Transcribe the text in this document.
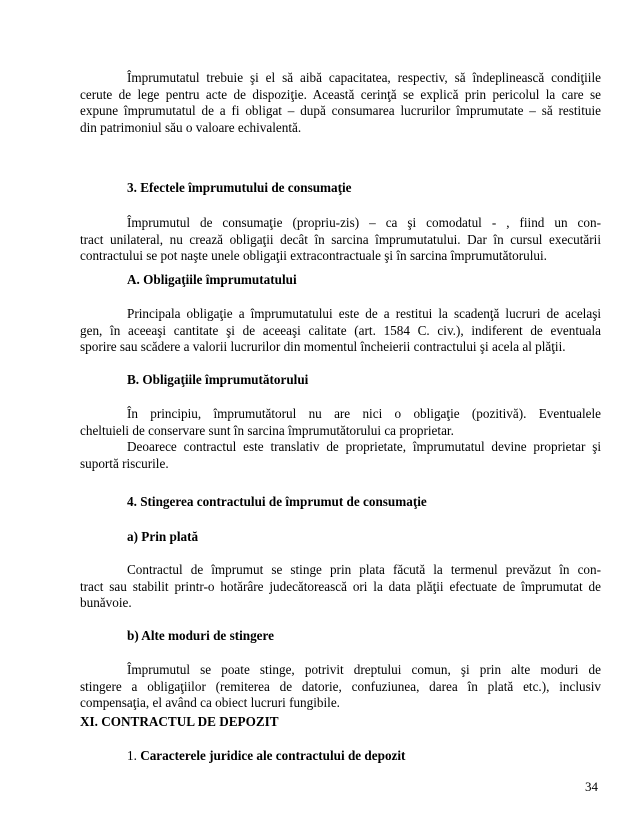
Împrumutatul trebuie şi el să aibă capacitatea, respectiv, să îndeplinească condiţiile
cerute de lege pentru acte de dispoziţie. Această cerinţă se explică prin pericolul la care se
expune împrumutatul de a fi obligat – după consumarea lucrurilor împrumutate – să restituie
din patrimoniul său o valoare echivalentă.
3. Efectele împrumutului de consumaţie
Împrumutul de consumaţie (propriu-zis) – ca şi comodatul - , fiind un con-
tract unilateral, nu crează obligaţii decât în sarcina împrumutatului. Dar în cursul executării
contractului se pot naşte unele obligaţii extracontractuale şi în sarcina împrumutătorului.
A. Obligaţiile împrumutatului
Principala obligaţie a împrumutatului este de a restitui la scadenţă lucruri de acelaşi
gen, în aceeaşi cantitate şi de aceeaşi calitate (art. 1584 C. civ.), indiferent de eventuala
sporire sau scădere a valorii lucrurilor din momentul încheierii contractului şi acela al plăţii.
B. Obligaţiile împrumutătorului
În principiu, împrumutătorul nu are nici o obligaţie (pozitivă). Eventualele
cheltuieli de conservare sunt în sarcina împrumutătorului ca proprietar.
Deoarece contractul este translativ de proprietate, împrumutatul devine proprietar şi
suportă riscurile.
4. Stingerea contractului de împrumut de consumaţie
a) Prin plată
Contractul de împrumut se stinge prin plata făcută la termenul prevăzut în con-
tract sau stabilit printr-o hotărâre judecătorească ori la data plăţii efectuate de împrumutat de
bunăvoie.
b) Alte moduri de stingere
Împrumutul se poate stinge, potrivit dreptului comun, şi prin alte moduri de
stingere a obligaţiilor (remiterea de datorie, confuziunea, darea în plată etc.), inclusiv
compensaţia, el având ca obiect lucruri fungibile.
XI. CONTRACTUL DE DEPOZIT
1. Caracterele juridice ale contractului de depozit
34
